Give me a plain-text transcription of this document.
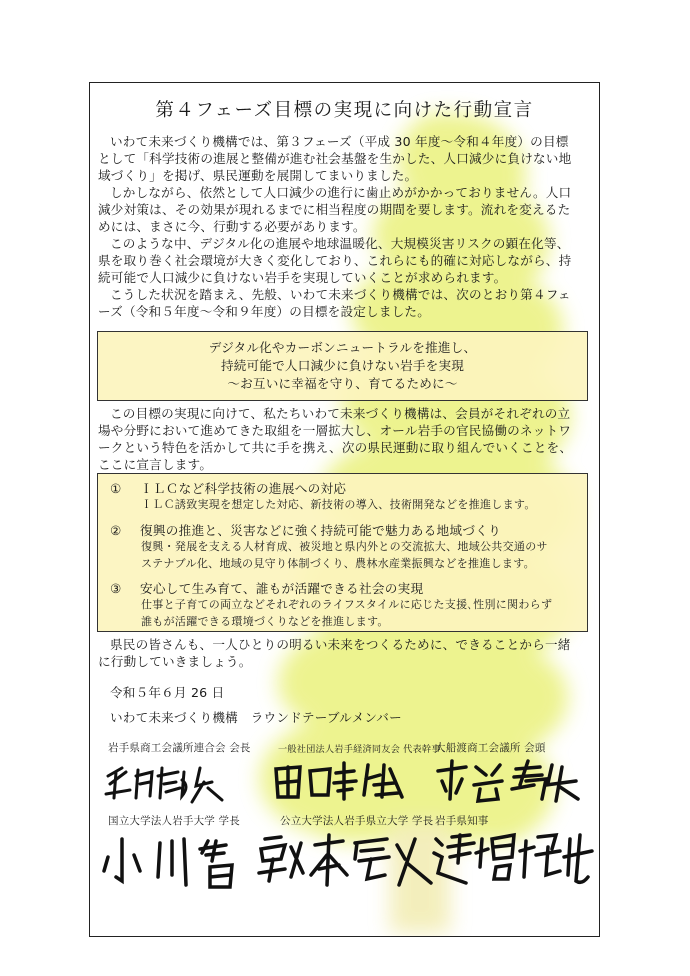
第４フェーズ目標の実現に向けた行動宣言

いわて未来づくり機構では、第３フェーズ（平成 30 年度～令和４年度）の目標
として「科学技術の進展と整備が進む社会基盤を生かした、人口減少に負けない地
域づくり」を掲げ、県民運動を展開してまいりました。

しかしながら、依然として人口減少の進行に歯止めがかかっておりません。人口
減少対策は、その効果が現れるまでに相当程度の期間を要します。流れを変えるた
めには、まさに今、行動する必要があります。

このような中、デジタル化の進展や地球温暖化、大規模災害リスクの顕在化等、
県を取り巻く社会環境が大きく変化しており、これらにも的確に対応しながら、持
続可能で人口減少に負けない岩手を実現していくことが求められます。

こうした状況を踏まえ、先般、いわて未来づくり機構では、次のとおり第４フェ
ーズ（令和５年度～令和９年度）の目標を設定しました。

デジタル化やカーボンニュートラルを推進し、
持続可能で人口減少に負けない岩手を実現
～お互いに幸福を守り、育てるために～

この目標の実現に向けて、私たちいわて未来づくり機構は、会員がそれぞれの立
場や分野において進めてきた取組を一層拡大し、オール岩手の官民協働のネットワ
ークという特色を活かして共に手を携え、次の県民運動に取り組んでいくことを、
ここに宣言します。

① ＩＬＣなど科学技術の進展への対応
ＩＬＣ誘致実現を想定した対応、新技術の導入、技術開発などを推進します。
② 復興の推進と、災害などに強く持続可能で魅力ある地域づくり
復興・発展を支える人材育成、被災地と県内外との交流拡大、地域公共交通のサ
ステナブル化、地域の見守り体制づくり、農林水産業振興などを推進します。
③ 安心して生み育て、誰もが活躍できる社会の実現
仕事と子育ての両立などそれぞれのライフスタイルに応じた支援､性別に関わらず
誰もが活躍できる環境づくりなどを推進します。

県民の皆さんも、一人ひとりの明るい未来をつくるために、できることから一緒
に行動していきましょう。

令和５年６月 26 日
いわて未来づくり機構　ラウンドテーブルメンバー
岩手県商工会議所連合会 会長	一般社団法人岩手経済同友会 代表幹事
大船渡商工会議所 会頭
国立大学法人岩手大学 学長	公立大学法人岩手県立大学 学長 岩手県知事
